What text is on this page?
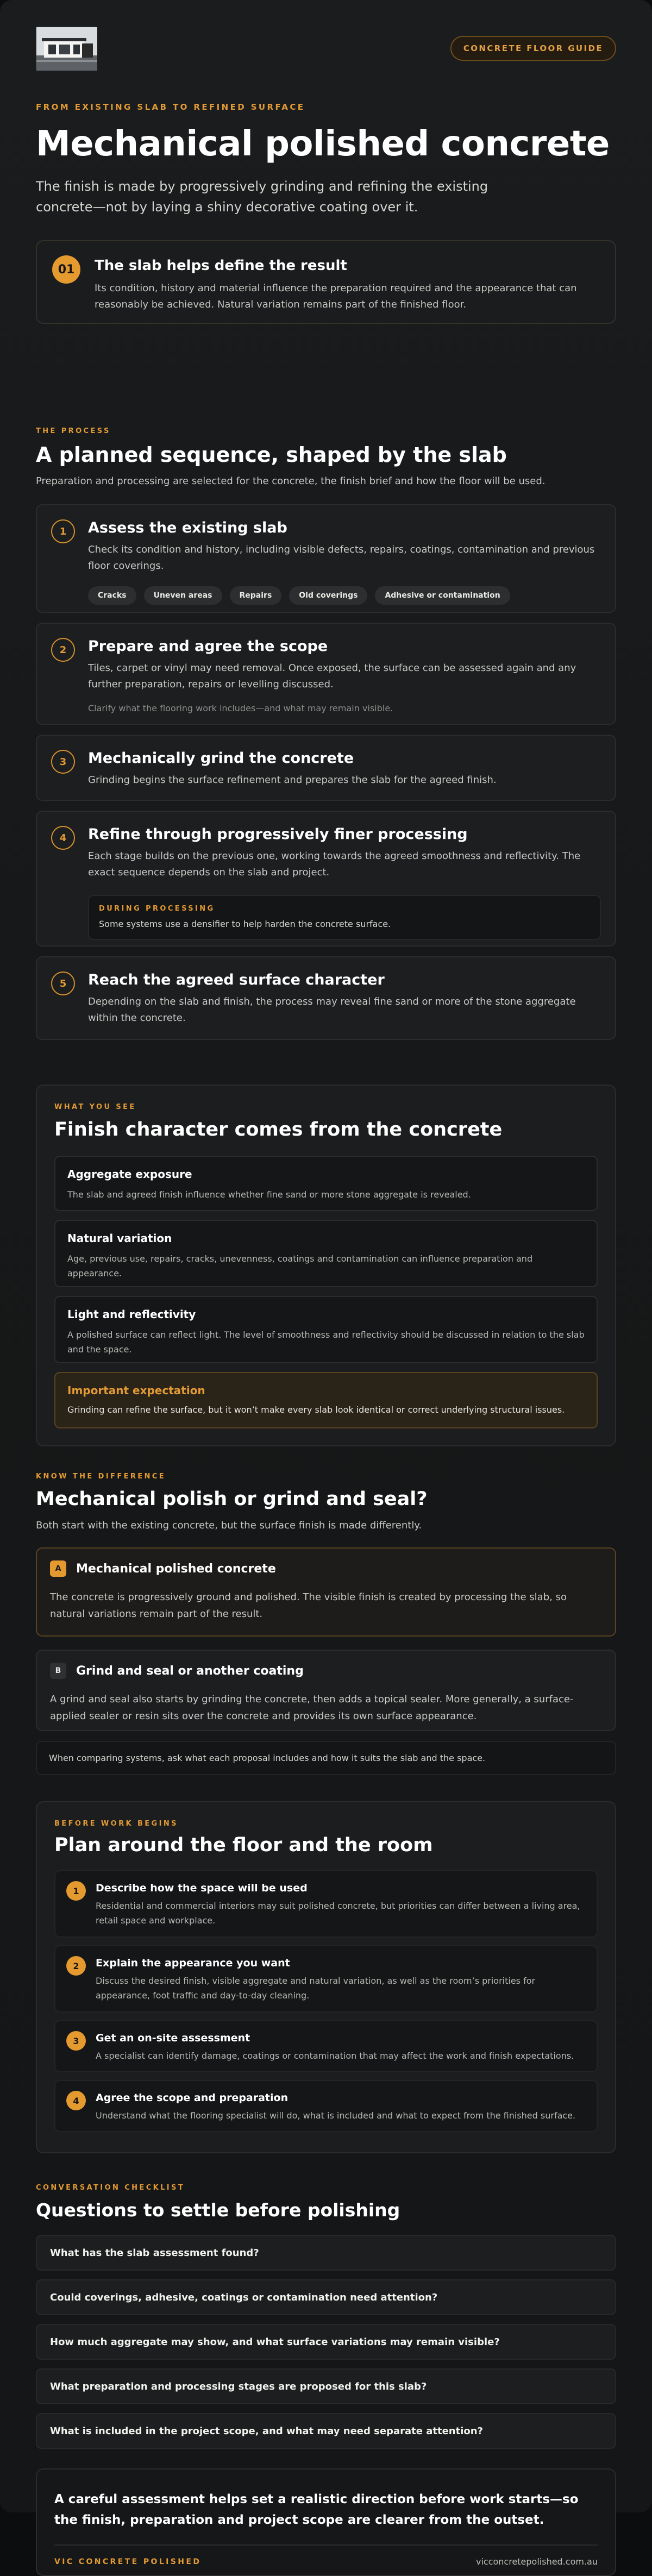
CONCRETE FLOOR GUIDE
FROM EXISTING SLAB TO REFINED SURFACE
Mechanical polished concrete

The finish is made by progressively grinding and refining the existing concrete—not by laying a shiny decorative coating over it.

01	The slab helps define the result

Its condition, history and material influence the preparation required and the appearance that can reasonably be achieved. Natural variation remains part of the finished floor.

THE PROCESS
A planned sequence, shaped by the slab

Preparation and processing are selected for the concrete, the finish brief and how the floor will be used.

1	Assess the existing slab

Check its condition and history, including visible defects, repairs, coatings, contamination and previous floor coverings.

Cracks	Uneven areas	Repairs	Old coverings	Adhesive or contamination
2	Prepare and agree the scope

Tiles, carpet or vinyl may need removal. Once exposed, the surface can be assessed again and any further preparation, repairs or levelling discussed.

Clarify what the flooring work includes—and what may remain visible.

3	Mechanically grind the concrete

Grinding begins the surface refinement and prepares the slab for the agreed finish.

4	Refine through progressively finer processing

Each stage builds on the previous one, working towards the agreed smoothness and reflectivity. The exact sequence depends on the slab and project.

DURING PROCESSING

Some systems use a densifier to help harden the concrete surface.

5	Reach the agreed surface character

Depending on the slab and finish, the process may reveal fine sand or more of the stone aggregate within the concrete.

WHAT YOU SEE
Finish character comes from the concrete
Aggregate exposure

The slab and agreed finish influence whether fine sand or more stone aggregate is revealed.

Natural variation

Age, previous use, repairs, cracks, unevenness, coatings and contamination can influence preparation and appearance.

Light and reflectivity

A polished surface can reflect light. The level of smoothness and reflectivity should be discussed in relation to the slab and the space.

Important expectation

Grinding can refine the surface, but it won’t make every slab look identical or correct underlying structural issues.

KNOW THE DIFFERENCE
Mechanical polish or grind and seal?

Both start with the existing concrete, but the surface finish is made differently.

A	Mechanical polished concrete

The concrete is progressively ground and polished. The visible finish is created by processing the slab, so natural variations remain part of the result.

B	Grind and seal or another coating

A grind and seal also starts by grinding the concrete, then adds a topical sealer. More generally, a surface-applied sealer or resin sits over the concrete and provides its own surface appearance.

When comparing systems, ask what each proposal includes and how it suits the slab and the space.
BEFORE WORK BEGINS
Plan around the floor and the room
1	Describe how the space will be used

Residential and commercial interiors may suit polished concrete, but priorities can differ between a living area, retail space and workplace.

2	Explain the appearance you want

Discuss the desired finish, visible aggregate and natural variation, as well as the room’s priorities for appearance, foot traffic and day-to-day cleaning.

3	Get an on-site assessment

A specialist can identify damage, coatings or contamination that may affect the work and finish expectations.

4	Agree the scope and preparation

Understand what the flooring specialist will do, what is included and what to expect from the finished surface.

CONVERSATION CHECKLIST
Questions to settle before polishing
What has the slab assessment found?
Could coverings, adhesive, coatings or contamination need attention?
How much aggregate may show, and what surface variations may remain visible?
What preparation and processing stages are proposed for this slab?
What is included in the project scope, and what may need separate attention?
A careful assessment helps set a realistic direction before work starts—so the finish, preparation and project scope are clearer from the outset.
VIC CONCRETE POLISHED	vicconcretepolished.com.au
